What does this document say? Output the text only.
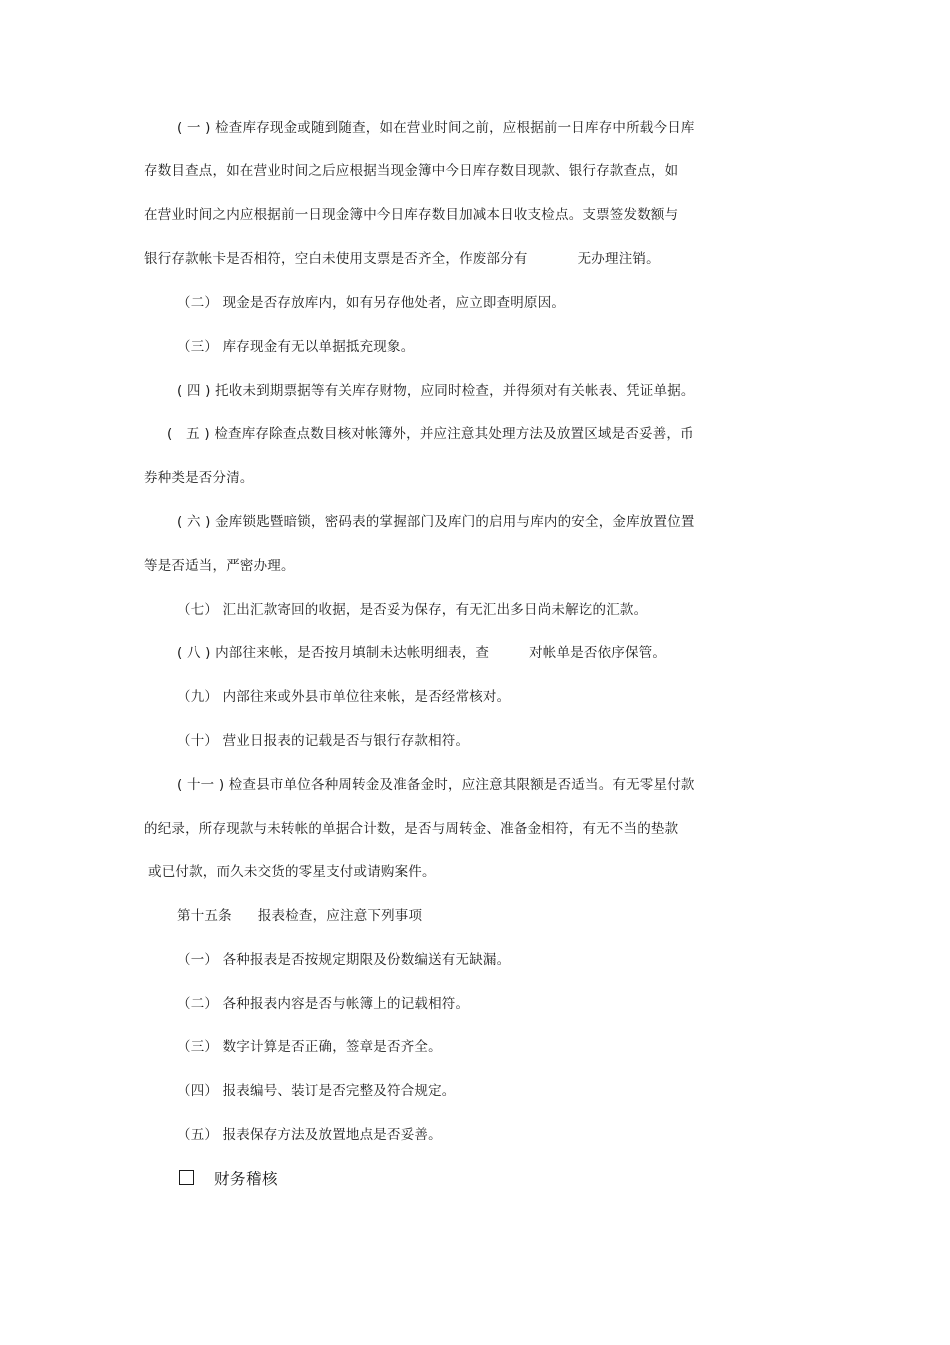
( 一 ) 检查库存现金或随到随查，如在营业时间之前，应根据前一日库存中所载今日库
存数目查点，如在营业时间之后应根据当现金簿中今日库存数目现款、银行存款查点，如
在营业时间之内应根据前一日现金簿中今日库存数目加减本日收支检点。支票签发数额与
银行存款帐卡是否相符，空白未使用支票是否齐全，作废部分有	无办理注销。
（二） 现金是否存放库内，如有另存他处者，应立即查明原因。
（三） 库存现金有无以单据抵充现象。
( 四 ) 托收未到期票据等有关库存财物，应同时检查，并得须对有关帐表、凭证单据。
(　五 ) 检查库存除查点数目核对帐簿外，并应注意其处理方法及放置区域是否妥善，币
券种类是否分清。
( 六 ) 金库锁匙暨暗锁，密码表的掌握部门及库门的启用与库内的安全，金库放置位置
等是否适当，严密办理。
（七） 汇出汇款寄回的收据，是否妥为保存，有无汇出多日尚未解讫的汇款。
( 八 ) 内部往来帐，是否按月填制未达帐明细表，查	对帐单是否依序保管。
（九） 内部往来或外县市单位往来帐，是否经常核对。
（十） 营业日报表的记载是否与银行存款相符。
( 十一 ) 检查县市单位各种周转金及准备金时，应注意其限额是否适当。有无零星付款
的纪录，所存现款与未转帐的单据合计数，是否与周转金、准备金相符，有无不当的垫款
或已付款，而久未交货的零星支付或请购案件。
第十五条 报表检查，应注意下列事项
（一） 各种报表是否按规定期限及份数编送有无缺漏。
（二） 各种报表内容是否与帐簿上的记载相符。
（三） 数字计算是否正确，签章是否齐全。
（四） 报表编号、装订是否完整及符合规定。
（五） 报表保存方法及放置地点是否妥善。
财务稽核
